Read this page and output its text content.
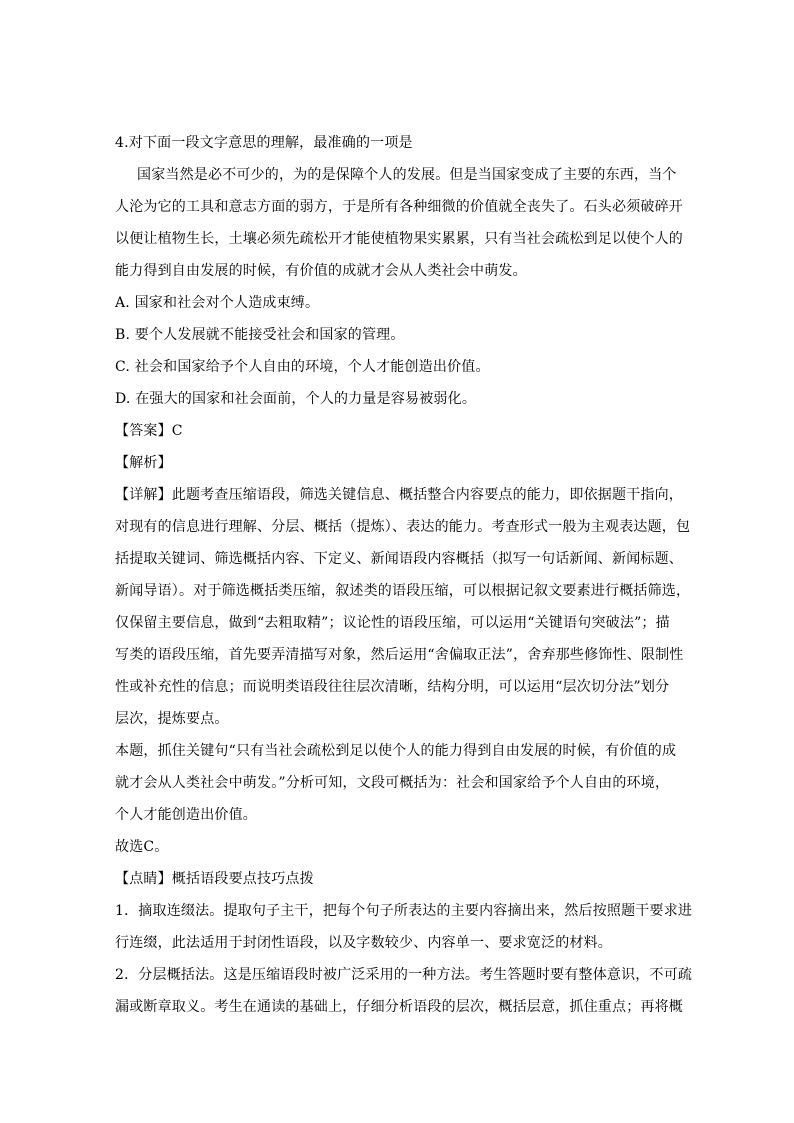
4.对下面一段文字意思的理解，最准确的一项是
国家当然是必不可少的，为的是保障个人的发展。但是当国家变成了主要的东西，当个
人沦为它的工具和意志方面的弱方，于是所有各种细微的价值就全丧失了。石头必须破碎开
以便让植物生长，土壤必须先疏松开才能使植物果实累累，只有当社会疏松到足以使个人的
能力得到自由发展的时候，有价值的成就才会从人类社会中萌发。
A. 国家和社会对个人造成束缚。
B. 要个人发展就不能接受社会和国家的管理。
C. 社会和国家给予个人自由的环境，个人才能创造出价值。
D. 在强大的国家和社会面前，个人的力量是容易被弱化。
【答案】C
【解析】
【详解】此题考查压缩语段，筛选关键信息、概括整合内容要点的能力，即依据题干指向，
对现有的信息进行理解、分层、概括（提炼）、表达的能力。考查形式一般为主观表达题，包
括提取关键词、筛选概括内容、下定义、新闻语段内容概括（拟写一句话新闻、新闻标题、
新闻导语）。对于筛选概括类压缩，叙述类的语段压缩，可以根据记叙文要素进行概括筛选，
仅保留主要信息，做到“去粗取精”；议论性的语段压缩，可以运用“关键语句突破法”；描
写类的语段压缩，首先要弄清描写对象，然后运用“舍偏取正法”，舍弃那些修饰性、限制性
性或补充性的信息；而说明类语段往往层次清晰，结构分明，可以运用“层次切分法”划分
层次，提炼要点。
本题，抓住关键句“只有当社会疏松到足以使个人的能力得到自由发展的时候，有价值的成
就才会从人类社会中萌发。”分析可知，文段可概括为：社会和国家给予个人自由的环境，
个人才能创造出价值。
故选C。
【点睛】概括语段要点技巧点拨
1．摘取连缀法。提取句子主干，把每个句子所表达的主要内容摘出来，然后按照题干要求进
行连缀，此法适用于封闭性语段，以及字数较少、内容单一、要求宽泛的材料。
2．分层概括法。这是压缩语段时被广泛采用的一种方法。考生答题时要有整体意识，不可疏
漏或断章取义。考生在通读的基础上，仔细分析语段的层次，概括层意，抓住重点；再将概
